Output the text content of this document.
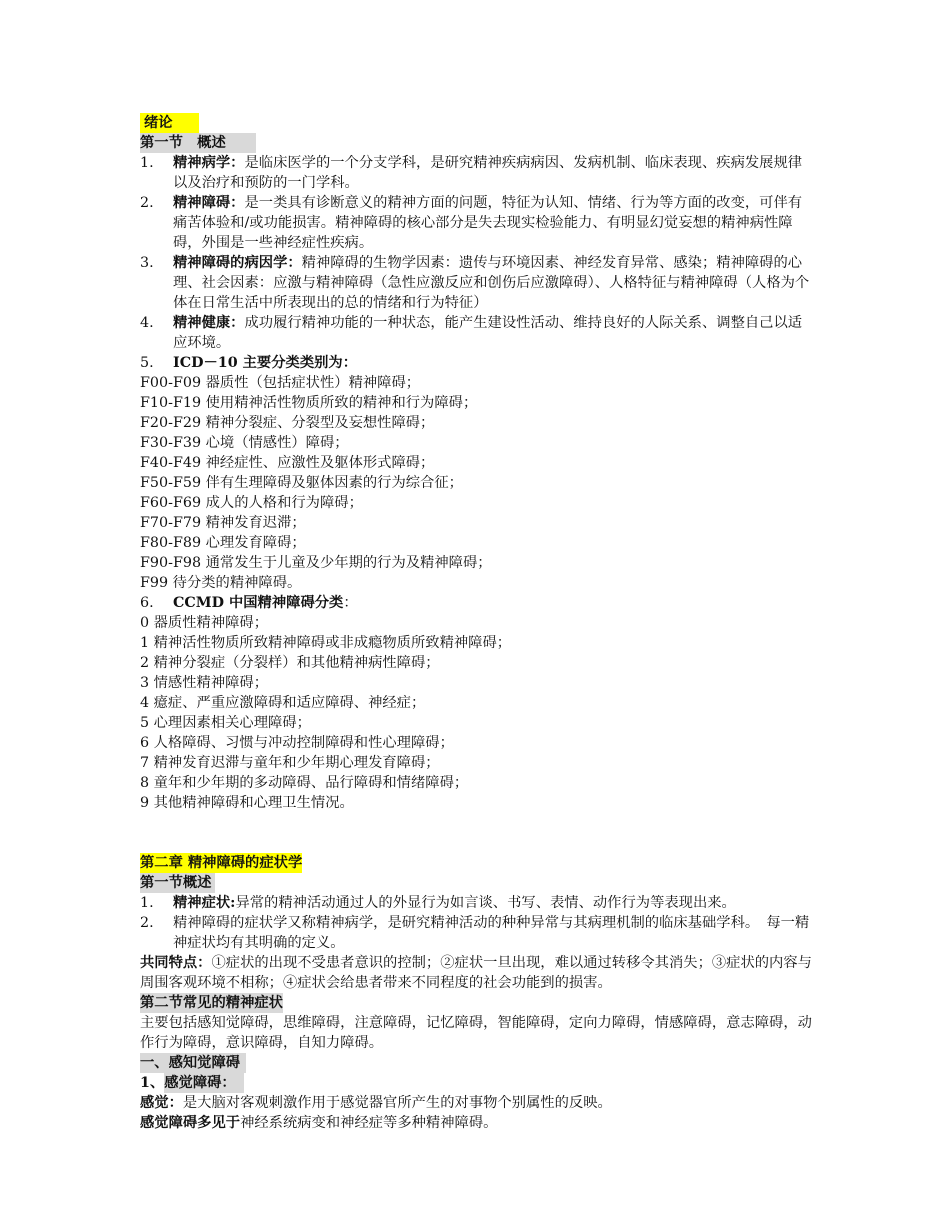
绪论
第一节　概述
1. 精神病学：是临床医学的一个分支学科，是研究精神疾病病因、发病机制、临床表现、疾病发展规律以及治疗和预防的一门学科。
2. 精神障碍：是一类具有诊断意义的精神方面的问题，特征为认知、情绪、行为等方面的改变，可伴有痛苦体验和/或功能损害。精神障碍的核心部分是失去现实检验能力、有明显幻觉妄想的精神病性障碍，外围是一些神经症性疾病。
3. 精神障碍的病因学：精神障碍的生物学因素：遗传与环境因素、神经发育异常、感染；精神障碍的心理、社会因素：应激与精神障碍（急性应激反应和创伤后应激障碍）、人格特征与精神障碍（人格为个体在日常生活中所表现出的总的情绪和行为特征）
4. 精神健康：成功履行精神功能的一种状态，能产生建设性活动、维持良好的人际关系、调整自己以适应环境。
5. ICD－10 主要分类类别为：
F00-F09 器质性（包括症状性）精神障碍；
F10-F19 使用精神活性物质所致的精神和行为障碍；
F20-F29 精神分裂症、分裂型及妄想性障碍；
F30-F39 心境（情感性）障碍；
F40-F49 神经症性、应激性及躯体形式障碍；
F50-F59 伴有生理障碍及躯体因素的行为综合征；
F60-F69 成人的人格和行为障碍；
F70-F79 精神发育迟滞；
F80-F89 心理发育障碍；
F90-F98 通常发生于儿童及少年期的行为及精神障碍；
F99 待分类的精神障碍。
6. CCMD 中国精神障碍分类：
0 器质性精神障碍；
1 精神活性物质所致精神障碍或非成瘾物质所致精神障碍；
2 精神分裂症（分裂样）和其他精神病性障碍；
3 情感性精神障碍；
4 癔症、严重应激障碍和适应障碍、神经症；
5 心理因素相关心理障碍；
6 人格障碍、习惯与冲动控制障碍和性心理障碍；
7 精神发育迟滞与童年和少年期心理发育障碍；
8 童年和少年期的多动障碍、品行障碍和情绪障碍；
9 其他精神障碍和心理卫生情况。
第二章 精神障碍的症状学
第一节概述
1. 精神症状:异常的精神活动通过人的外显行为如言谈、书写、表情、动作行为等表现出来。
2. 精神障碍的症状学又称精神病学，是研究精神活动的种种异常与其病理机制的临床基础学科。　每一精神症状均有其明确的定义。
共同特点：①症状的出现不受患者意识的控制；②症状一旦出现，难以通过转移令其消失；③症状的内容与周围客观环境不相称；④症状会给患者带来不同程度的社会功能到的损害。
第二节常见的精神症状
主要包括感知觉障碍，思维障碍，注意障碍，记忆障碍，智能障碍，定向力障碍，情感障碍，意志障碍，动作行为障碍，意识障碍，自知力障碍。
一、感知觉障碍
1、感觉障碍：
感觉：是大脑对客观刺激作用于感觉器官所产生的对事物个别属性的反映。
感觉障碍多见于神经系统病变和神经症等多种精神障碍。
